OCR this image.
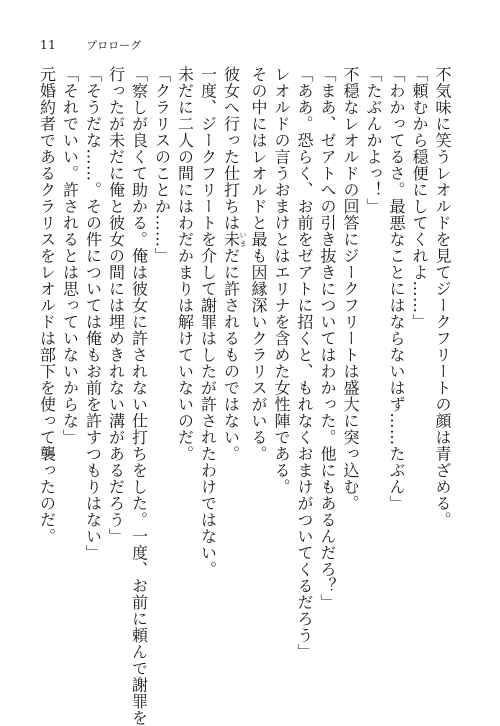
11	プロローグ
不気味に笑うレオルドを見てジークフリートの顔は青ざめる。
「頼むから穏便にしてくれよ……」
「わかってるさ。最悪なことにはならないはず……たぶん」
「たぶんかよっ！」
不穏なレオルドの回答にジークフリートは盛大に突っ込む。
「まあ、ゼアトへの引き抜きについてはわかった。他にもあるんだろ？」
「ああ。恐らく、お前をゼアトに招くと、もれなくおまけがついてくるだろう」
レオルドの言うおまけとはエリナを含めた女性陣である。
その中にはレオルドと最も因縁深いクラリスがいる。
彼女へ行った仕打ちは未いまだに許されるものではない。
一度、ジークフリートを介して謝罪はしたが許されたわけではない。
未だに二人の間にはわだかまりは解けていないのだ。
「クラリスのことか……」
「察しが良くて助かる。俺は彼女に許されない仕打ちをした。一度、お前に頼んで謝罪を
行ったが未だに俺と彼女の間には埋めきれない溝があるだろう」
「そうだな……。その件については俺もお前を許すつもりはない」
「それでいい。許されるとは思っていないからな」
元婚約者であるクラリスをレオルドは部下を使って襲ったのだ。
